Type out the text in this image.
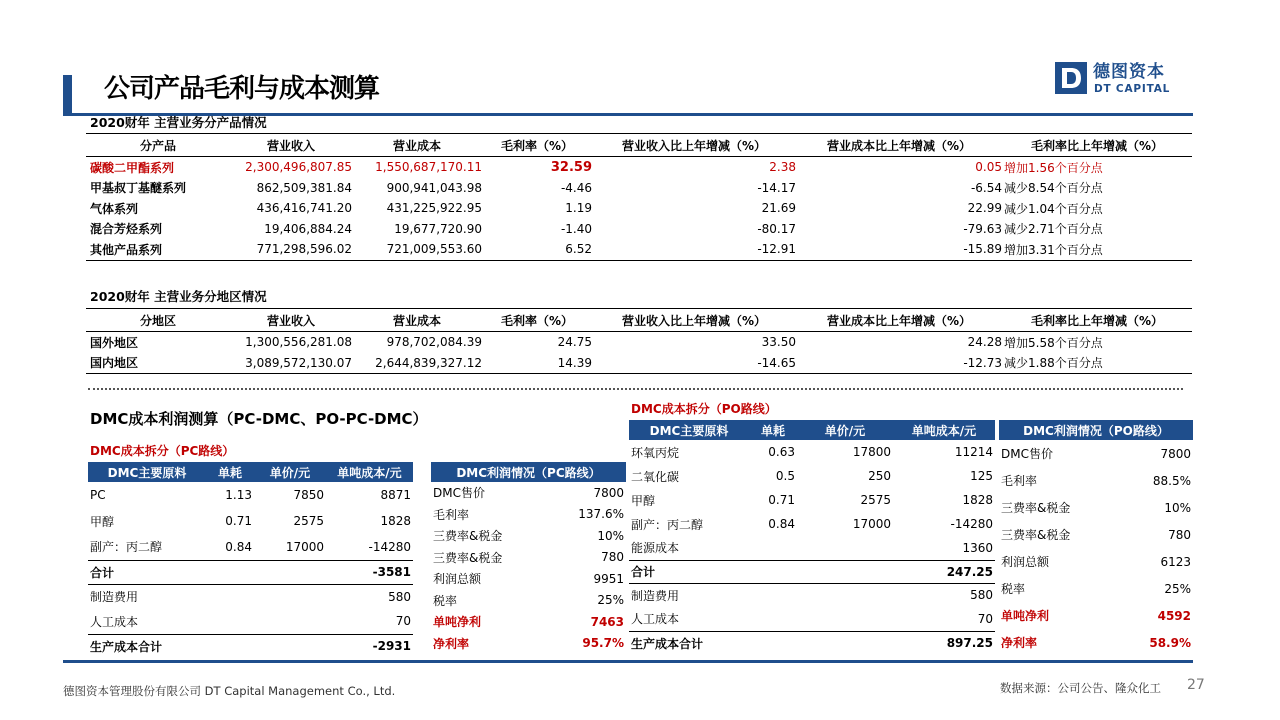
公司产品毛利与成本测算
德图资本
DT CAPITAL
2020财年 主营业务分产品情况
分产品	营业收入	营业成本	毛利率（%）	营业收入比上年增减（%）	营业成本比上年增减（%）	毛利率比上年增减（%）
碳酸二甲酯系列	2,300,496,807.85	1,550,687,170.11	32.59	2.38	0.05	增加1.56个百分点
甲基叔丁基醚系列	862,509,381.84	900,941,043.98	-4.46	-14.17	-6.54	减少8.54个百分点
气体系列	436,416,741.20	431,225,922.95	1.19	21.69	22.99	减少1.04个百分点
混合芳烃系列	19,406,884.24	19,677,720.90	-1.40	-80.17	-79.63	减少2.71个百分点
其他产品系列	771,298,596.02	721,009,553.60	6.52	-12.91	-15.89	增加3.31个百分点
2020财年 主营业务分地区情况
分地区	营业收入	营业成本	毛利率（%）	营业收入比上年增减（%）	营业成本比上年增减（%）	毛利率比上年增减（%）
国外地区	1,300,556,281.08	978,702,084.39	24.75	33.50	24.28	增加5.58个百分点
国内地区	3,089,572,130.07	2,644,839,327.12	14.39	-14.65	-12.73	减少1.88个百分点
DMC成本利润测算（PC-DMC、PO-PC-DMC）
DMC成本拆分（PC路线）
DMC主要原料	单耗	单价/元	单吨成本/元
PC	1.13	7850	8871
甲醇	0.71	2575	1828
副产：丙二醇	0.84	17000	-14280
合计			-3581
制造费用			580
人工成本			70
生产成本合计			-2931
DMC利润情况（PC路线）	
DMC售价	7800
毛利率	137.6%
三费率&税金	10%
三费率&税金	780
利润总额	9951
税率	25%
单吨净利	7463
净利率	95.7%
DMC成本拆分（PO路线）
DMC主要原料	单耗	单价/元	单吨成本/元
环氧丙烷	0.63	17800	11214
二氧化碳	0.5	250	125
甲醇	0.71	2575	1828
副产：丙二醇	0.84	17000	-14280
能源成本			1360
合计			247.25
制造费用			580
人工成本			70
生产成本合计			897.25
DMC利润情况（PO路线）	
DMC售价	7800
毛利率	88.5%
三费率&税金	10%
三费率&税金	780
利润总额	6123
税率	25%
单吨净利	4592
净利率	58.9%
德图资本管理股份有限公司 DT Capital Management Co., Ltd.	数据来源：公司公告、隆众化工 27
